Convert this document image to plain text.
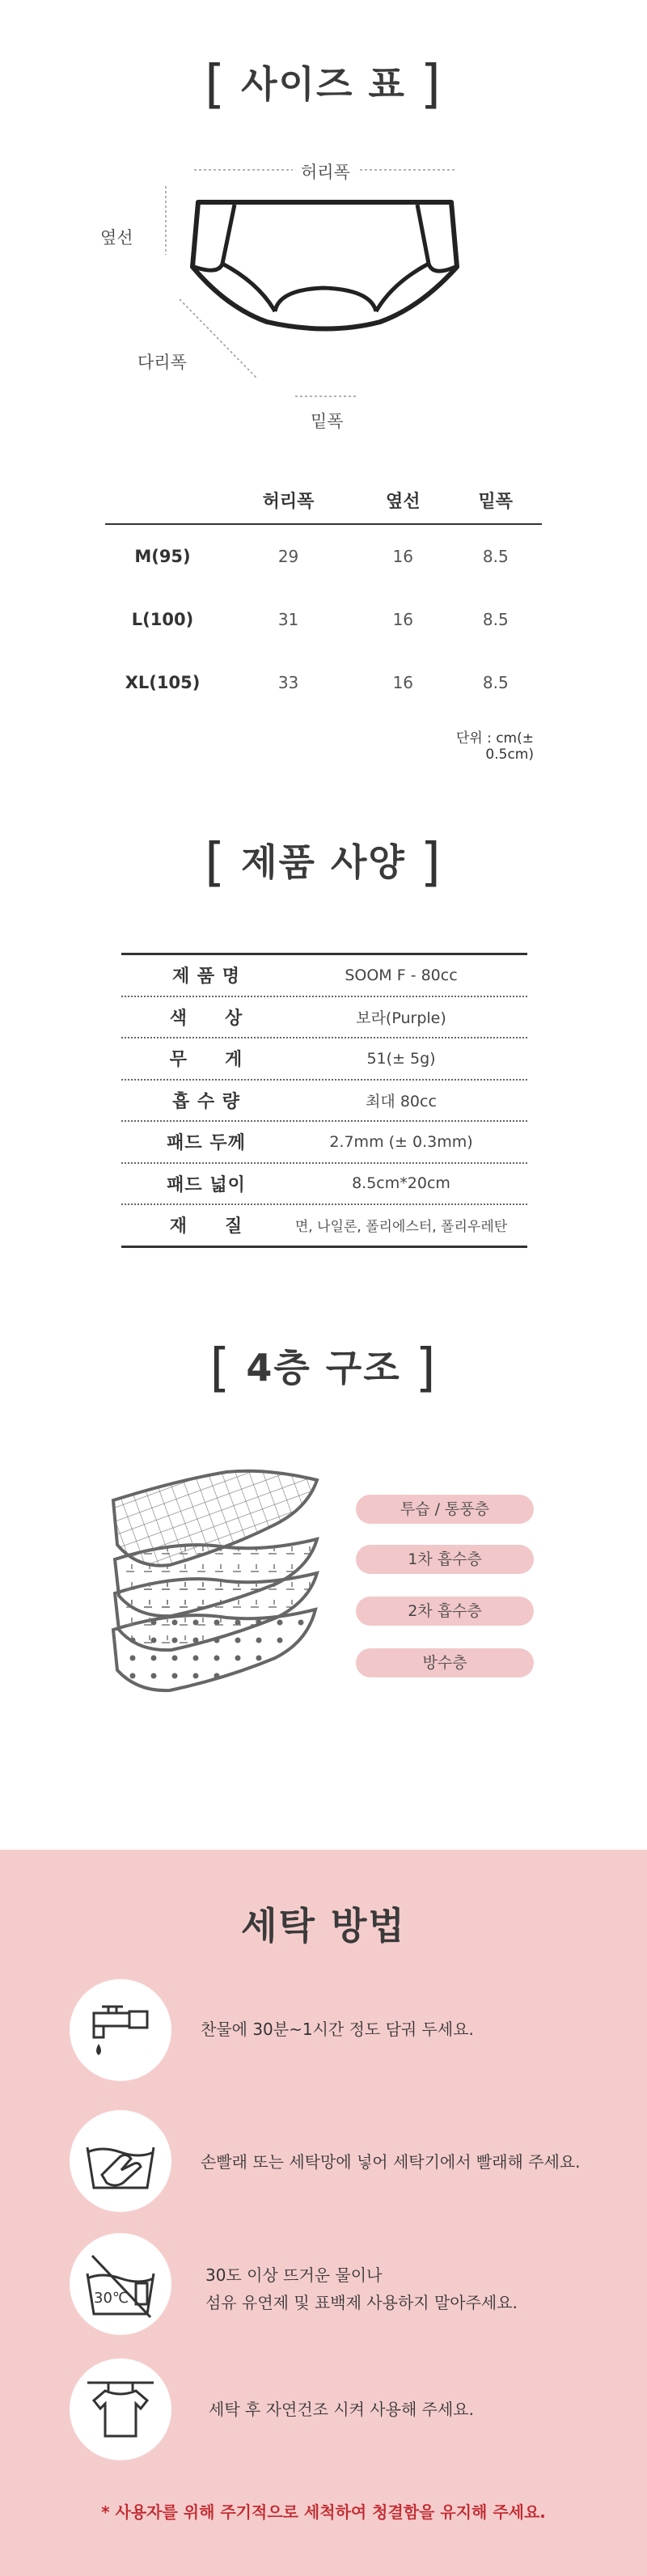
[ 사이즈 표 ]
허리폭
옆선
다리폭
밑폭
	허리폭	옆선	밑폭
M(95)	29	16	8.5
L(100)	31	16	8.5
XL(105)	33	16	8.5
단위 : cm(± 0.5cm)
[ 제품 사양 ]
제 품 명	SOOM F - 80cc
색　　상	보라(Purple)
무　　게	51(± 5g)
흡 수 량	최대 80cc
패드 두께	2.7mm (± 0.3mm)
패드 넓이	8.5cm*20cm
재　　질	면, 나일론, 폴리에스터, 폴리우레탄
[ 4층 구조 ]
투습 / 통풍층
1차 흡수층
2차 흡수층
방수층
세탁 방법
찬물에 30분~1시간 정도 담궈 두세요.
손빨래 또는 세탁망에 넣어 세탁기에서 빨래해 주세요.
30℃
30도 이상 뜨거운 물이나
섬유 유연제 및 표백제 사용하지 말아주세요.
세탁 후 자연건조 시켜 사용해 주세요.
* 사용자를 위해 주기적으로 세척하여 청결함을 유지해 주세요.
